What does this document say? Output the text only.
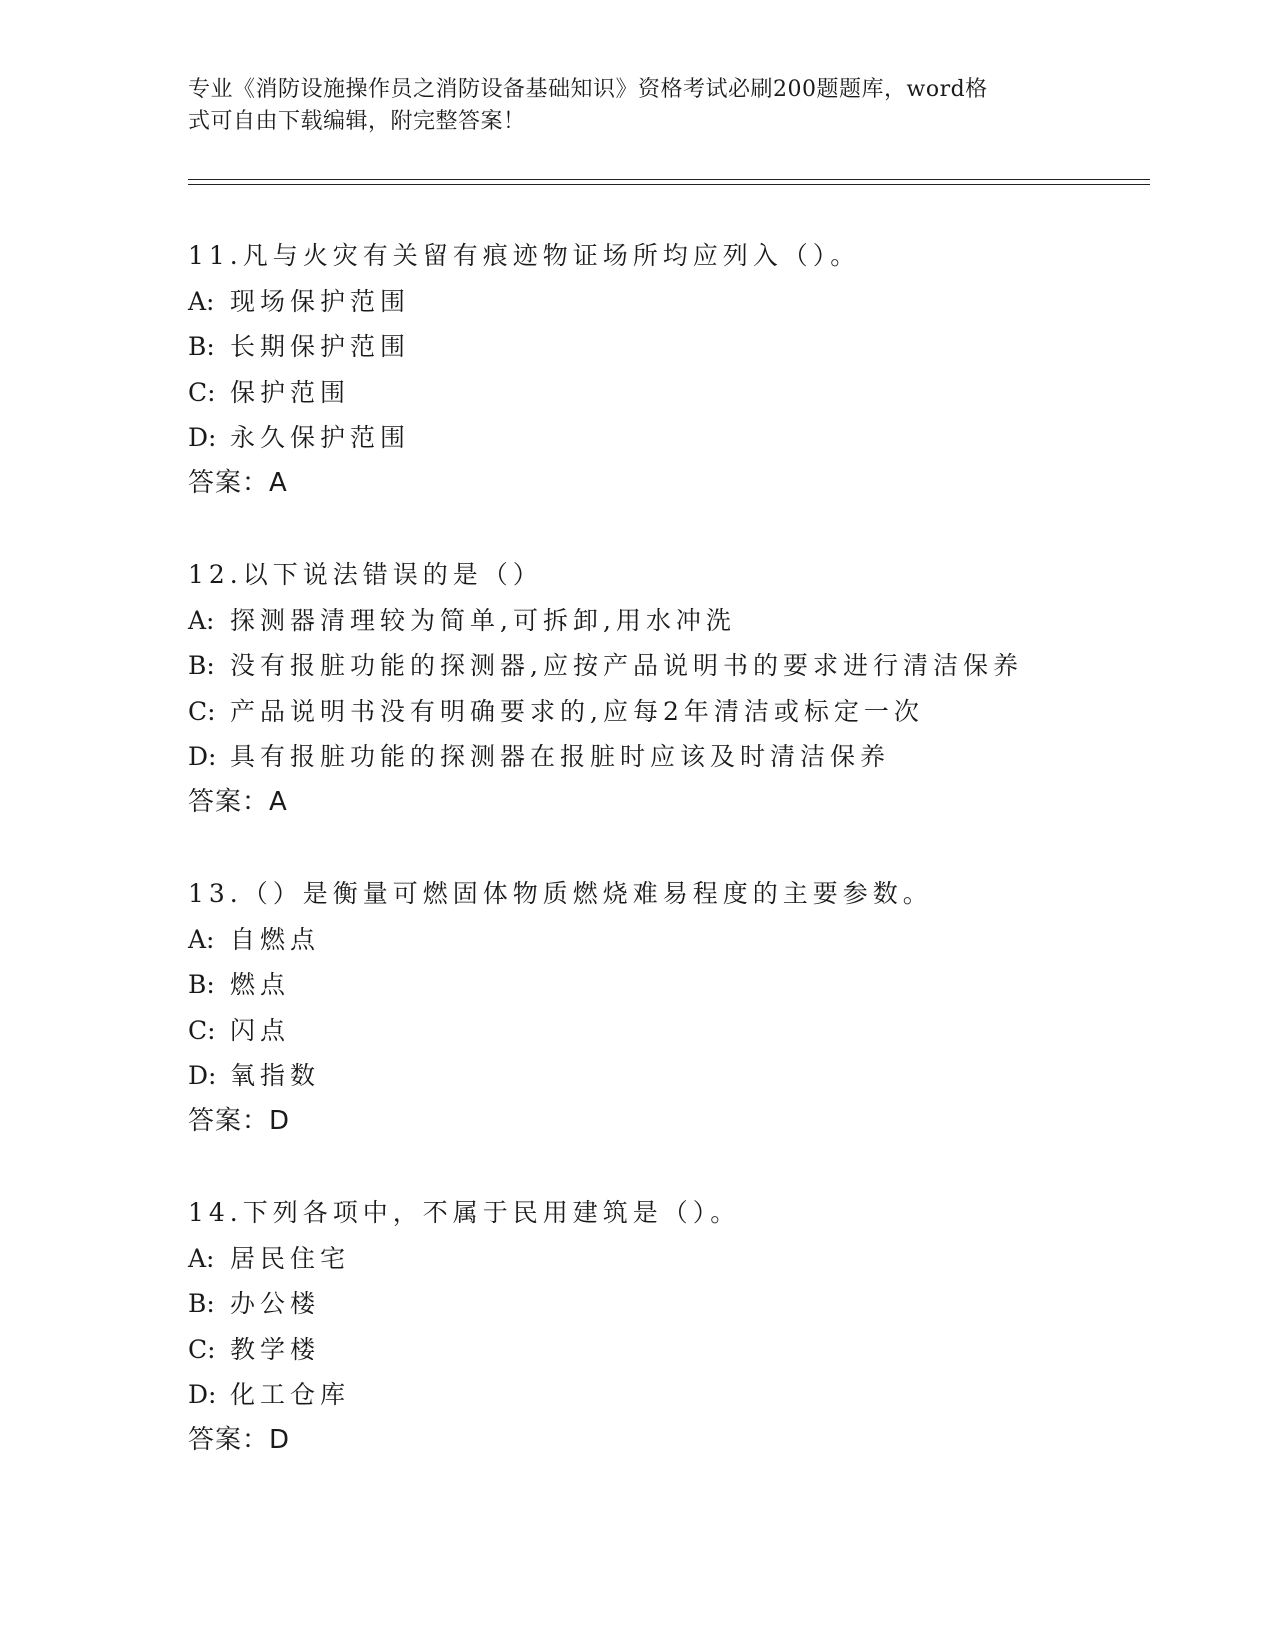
专业《消防设施操作员之消防设备基础知识》资格考试必刷200题题库，word格
式可自由下载编辑，附完整答案！
11.凡与火灾有关留有痕迹物证场所均应列入（）。
A: 现场保护范围
B: 长期保护范围
C: 保护范围
D: 永久保护范围
答案：A
12.以下说法错误的是（）
A: 探测器清理较为简单,可拆卸,用水冲洗
B: 没有报脏功能的探测器,应按产品说明书的要求进行清洁保养
C: 产品说明书没有明确要求的,应每2年清洁或标定一次
D: 具有报脏功能的探测器在报脏时应该及时清洁保养
答案：A
13.（）是衡量可燃固体物质燃烧难易程度的主要参数。
A: 自燃点
B: 燃点
C: 闪点
D: 氧指数
答案：D
14.下列各项中，不属于民用建筑是（）。
A: 居民住宅
B: 办公楼
C: 教学楼
D: 化工仓库
答案：D
